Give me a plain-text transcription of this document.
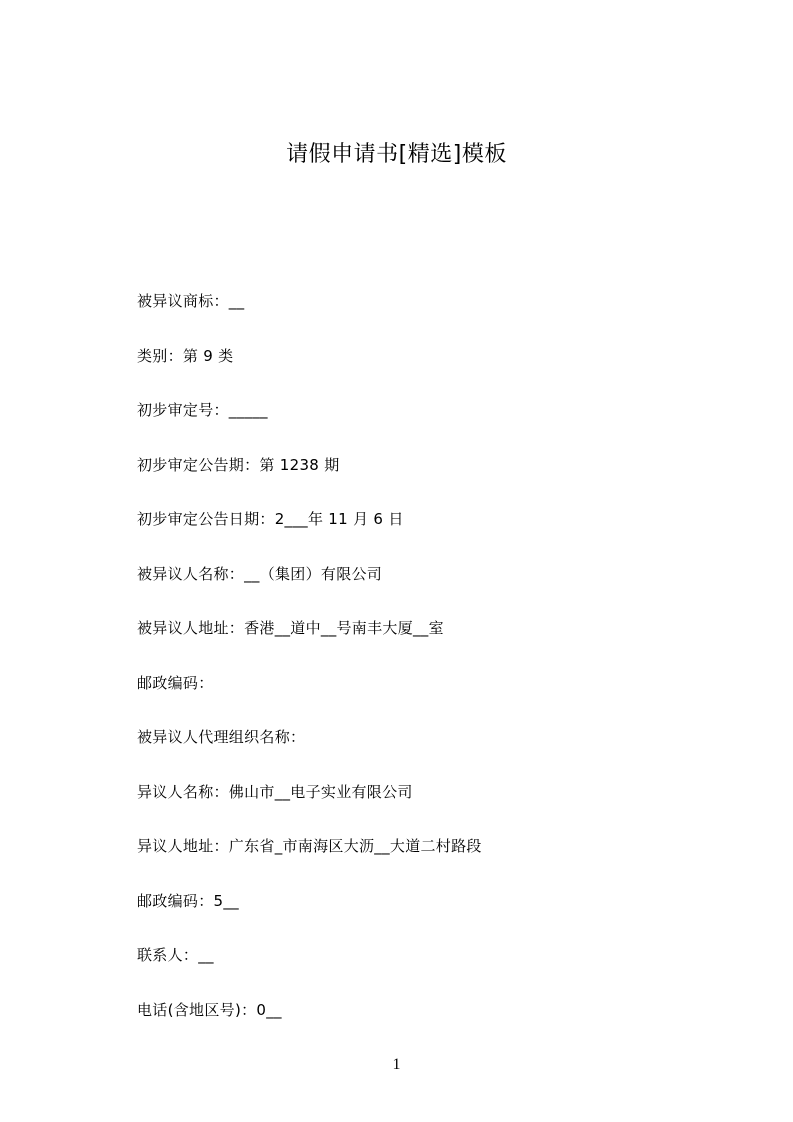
请假申请书[精选]模板
被异议商标：__
类别：第 9 类
初步审定号：_____
初步审定公告期：第 1238 期
初步审定公告日期：2___年 11 月 6 日
被异议人名称：__（集团）有限公司
被异议人地址：香港__道中__号南丰大厦__室
邮政编码：
被异议人代理组织名称：
异议人名称：佛山市__电子实业有限公司
异议人地址：广东省_市南海区大沥__大道二村路段
邮政编码：5__
联系人：__
电话(含地区号)：0__
1
